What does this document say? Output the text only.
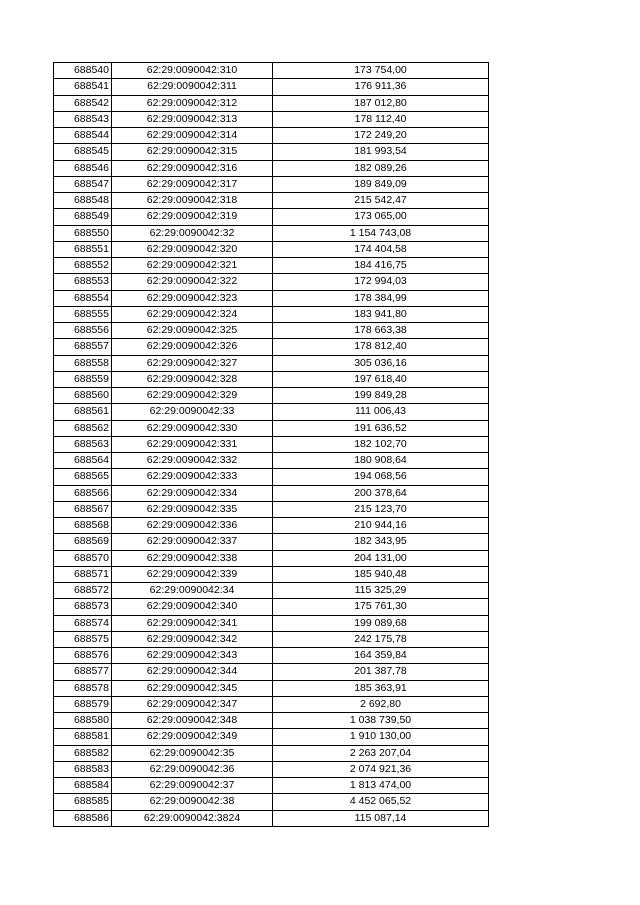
688540	62:29:0090042:310	173 754,00
688541	62:29:0090042:311	176 911,36
688542	62:29:0090042:312	187 012,80
688543	62:29:0090042:313	178 112,40
688544	62:29:0090042:314	172 249,20
688545	62:29:0090042:315	181 993,54
688546	62:29:0090042:316	182 089,26
688547	62:29:0090042:317	189 849,09
688548	62:29:0090042:318	215 542,47
688549	62:29:0090042:319	173 065,00
688550	62:29:0090042:32	1 154 743,08
688551	62:29:0090042:320	174 404,58
688552	62:29:0090042:321	184 416,75
688553	62:29:0090042:322	172 994,03
688554	62:29:0090042:323	178 384,99
688555	62:29:0090042:324	183 941,80
688556	62:29:0090042:325	178 663,38
688557	62:29:0090042:326	178 812,40
688558	62:29:0090042:327	305 036,16
688559	62:29:0090042:328	197 618,40
688560	62:29:0090042:329	199 849,28
688561	62:29:0090042:33	111 006,43
688562	62:29:0090042:330	191 636,52
688563	62:29:0090042:331	182 102,70
688564	62:29:0090042:332	180 908,64
688565	62:29:0090042:333	194 068,56
688566	62:29:0090042:334	200 378,64
688567	62:29:0090042:335	215 123,70
688568	62:29:0090042:336	210 944,16
688569	62:29:0090042:337	182 343,95
688570	62:29:0090042:338	204 131,00
688571	62:29:0090042:339	185 940,48
688572	62:29:0090042:34	115 325,29
688573	62:29:0090042:340	175 761,30
688574	62:29:0090042:341	199 089,68
688575	62:29:0090042:342	242 175,78
688576	62:29:0090042:343	164 359,84
688577	62:29:0090042:344	201 387,78
688578	62:29:0090042:345	185 363,91
688579	62:29:0090042:347	2 692,80
688580	62:29:0090042:348	1 038 739,50
688581	62:29:0090042:349	1 910 130,00
688582	62:29:0090042:35	2 263 207,04
688583	62:29:0090042:36	2 074 921,36
688584	62:29:0090042:37	1 813 474,00
688585	62:29:0090042:38	4 452 065,52
688586	62:29:0090042:3824	115 087,14
